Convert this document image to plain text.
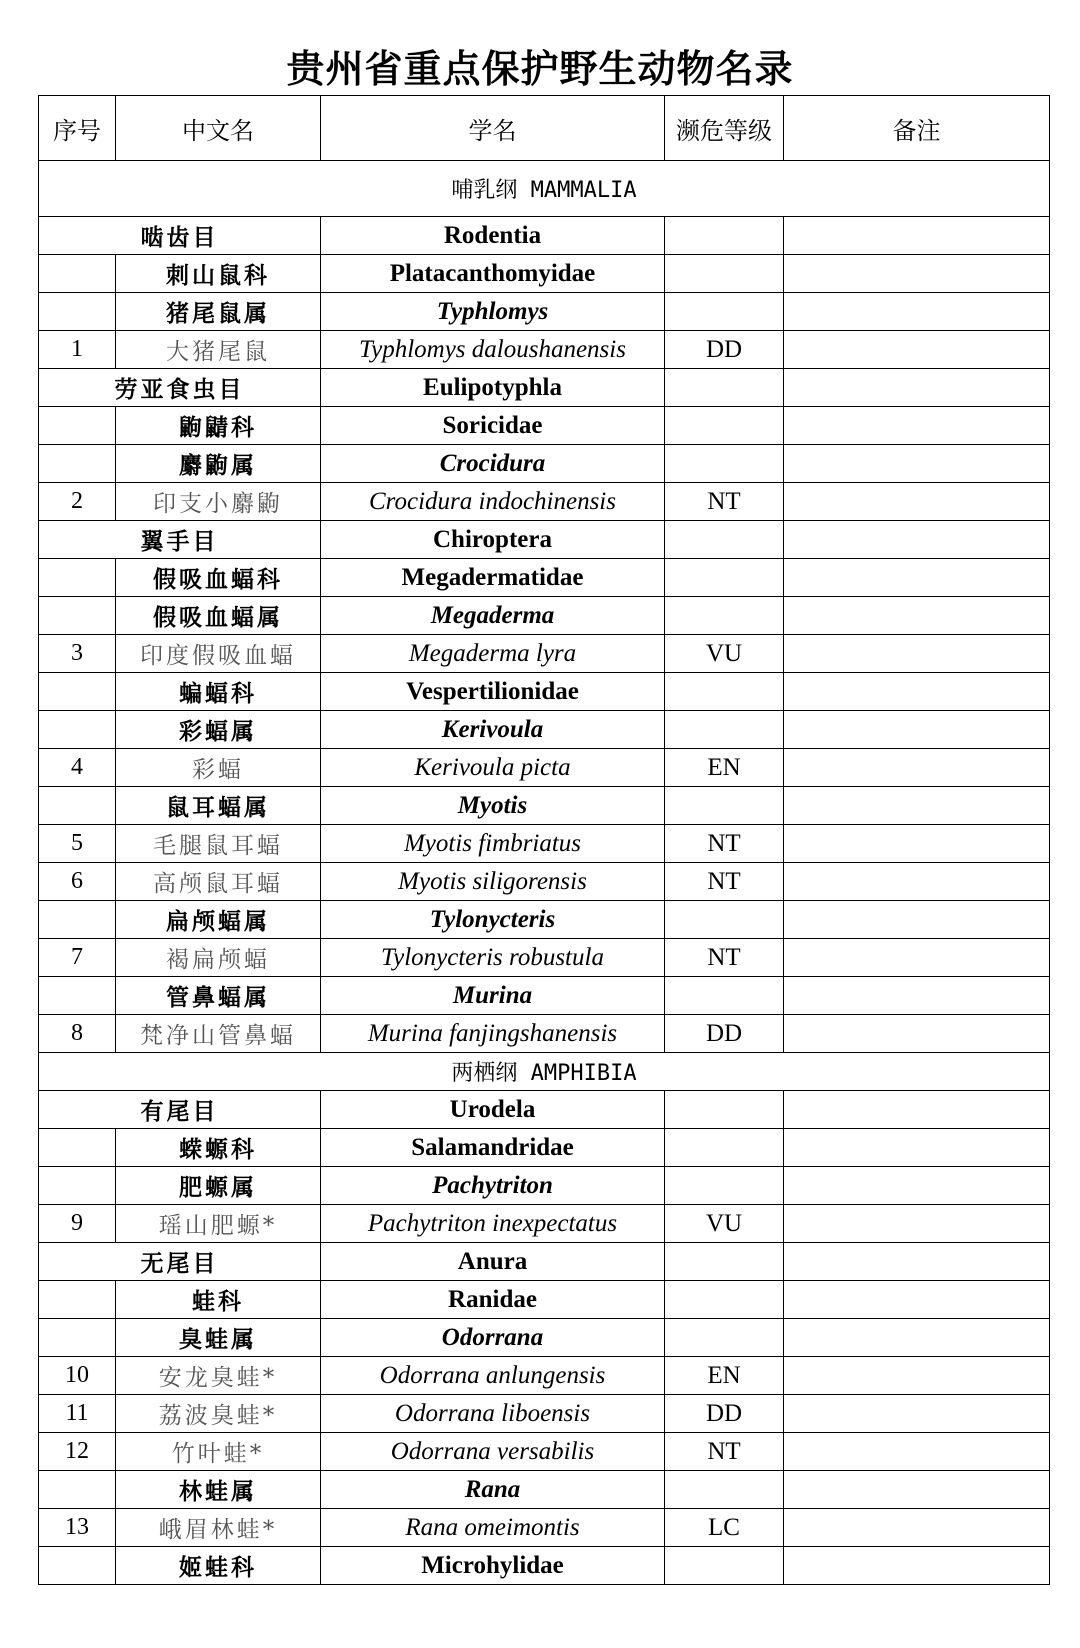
贵州省重点保护野生动物名录
序号	中文名	学名	濒危等级	备注
哺乳纲 MAMMALIA				
啮齿目		Rodentia		
	刺山鼠科	Platacanthomyidae		
	猪尾鼠属	Typhlomys		
1	大猪尾鼠	Typhlomys daloushanensis	DD	
劳亚食虫目		Eulipotyphla		
	鼩鼱科	Soricidae		
	麝鼩属	Crocidura		
2	印支小麝鼩	Crocidura indochinensis	NT	
翼手目		Chiroptera		
	假吸血蝠科	Megadermatidae		
	假吸血蝠属	Megaderma		
3	印度假吸血蝠	Megaderma lyra	VU	
	蝙蝠科	Vespertilionidae		
	彩蝠属	Kerivoula		
4	彩蝠	Kerivoula picta	EN	
	鼠耳蝠属	Myotis		
5	毛腿鼠耳蝠	Myotis fimbriatus	NT	
6	高颅鼠耳蝠	Myotis siligorensis	NT	
	扁颅蝠属	Tylonycteris		
7	褐扁颅蝠	Tylonycteris robustula	NT	
	管鼻蝠属	Murina		
8	梵净山管鼻蝠	Murina fanjingshanensis	DD	
两栖纲 AMPHIBIA				
有尾目		Urodela		
	蝾螈科	Salamandridae		
	肥螈属	Pachytriton		
9	瑶山肥螈*	Pachytriton inexpectatus	VU	
无尾目		Anura		
	蛙科	Ranidae		
	臭蛙属	Odorrana		
10	安龙臭蛙*	Odorrana anlungensis	EN	
11	荔波臭蛙*	Odorrana liboensis	DD	
12	竹叶蛙*	Odorrana versabilis	NT	
	林蛙属	Rana		
13	峨眉林蛙*	Rana omeimontis	LC	
	姬蛙科	Microhylidae		
